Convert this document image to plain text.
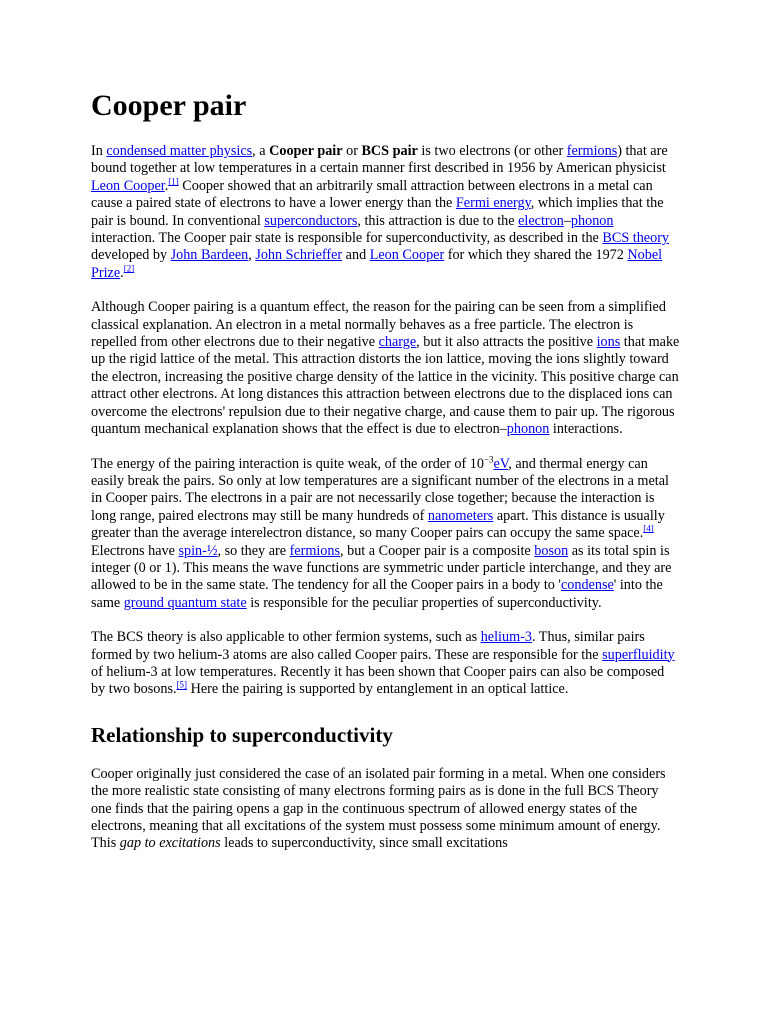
Cooper pair

In condensed matter physics, a Cooper pair or BCS pair is two electrons (or other fermions) that are bound together at low temperatures in a certain manner first described in 1956 by American physicist Leon Cooper.[1] Cooper showed that an arbitrarily small attraction between electrons in a metal can cause a paired state of electrons to have a lower energy than the Fermi energy, which implies that the pair is bound. In conventional superconductors, this attraction is due to the electron–phonon interaction. The Cooper pair state is responsible for superconductivity, as described in the BCS theory developed by John Bardeen, John Schrieffer and Leon Cooper for which they shared the 1972 Nobel Prize.[2]

Although Cooper pairing is a quantum effect, the reason for the pairing can be seen from a simplified classical explanation. An electron in a metal normally behaves as a free particle. The electron is repelled from other electrons due to their negative charge, but it also attracts the positive ions that make up the rigid lattice of the metal. This attraction distorts the ion lattice, moving the ions slightly toward the electron, increasing the positive charge density of the lattice in the vicinity. This positive charge can attract other electrons. At long distances this attraction between electrons due to the displaced ions can overcome the electrons' repulsion due to their negative charge, and cause them to pair up. The rigorous quantum mechanical explanation shows that the effect is due to electron–phonon interactions.

The energy of the pairing interaction is quite weak, of the order of $10^{-3}eV$, and thermal energy can easily break the pairs. So only at low temperatures are a significant number of the electrons in a metal in Cooper pairs. The electrons in a pair are not necessarily close together; because the interaction is long range, paired electrons may still be many hundreds of nanometers apart. This distance is usually greater than the average interelectron distance, so many Cooper pairs can occupy the same space.[4] Electrons have spin-½, so they are fermions, but a Cooper pair is a composite boson as its total spin is integer (0 or 1). This means the wave functions are symmetric under particle interchange, and they are allowed to be in the same state. The tendency for all the Cooper pairs in a body to 'condense' into the same ground quantum state is responsible for the peculiar properties of superconductivity.

The BCS theory is also applicable to other fermion systems, such as helium-3. Thus, similar pairs formed by two helium-3 atoms are also called Cooper pairs. These are responsible for the superfluidity of helium-3 at low temperatures. Recently it has been shown that Cooper pairs can also be composed by two bosons.[5] Here the pairing is supported by entanglement in an optical lattice.

Relationship to superconductivity

Cooper originally just considered the case of an isolated pair forming in a metal. When one considers the more realistic state consisting of many electrons forming pairs as is done in the full BCS Theory one finds that the pairing opens a gap in the continuous spectrum of allowed energy states of the electrons, meaning that all excitations of the system must possess some minimum amount of energy. This gap to excitations leads to superconductivity, since small excitations
